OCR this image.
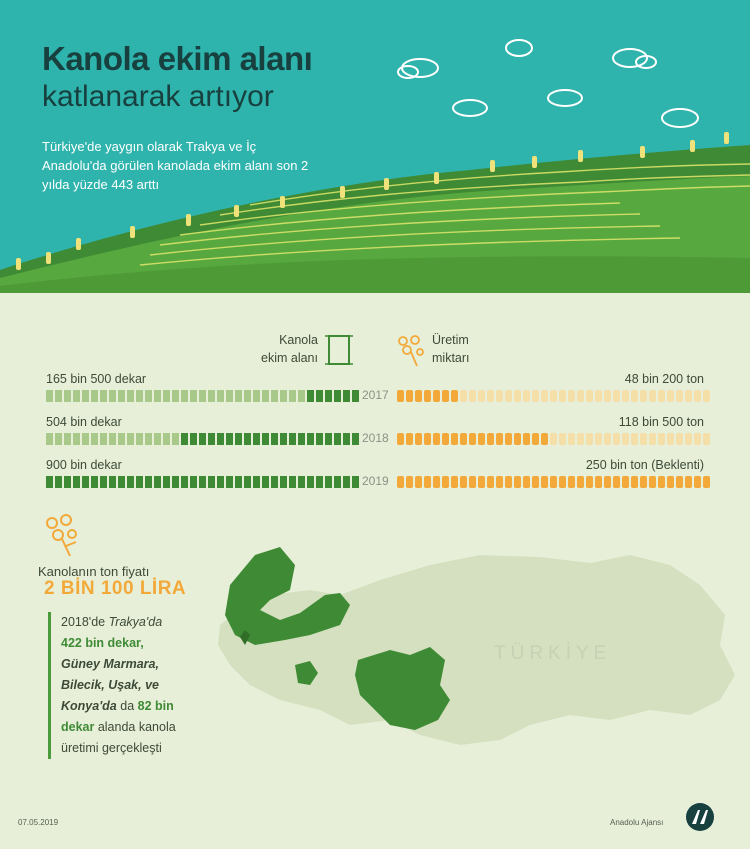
Kanola ekim alanı
katlanarak artıyor
Türkiye'de yaygın olarak Trakya ve İç Anadolu'da görülen kanolada ekim alanı son 2 yılda yüzde 443 arttı
Kanola
ekim alanı
Üretim
miktarı
165 bin 500 dekar	48 bin 200 ton
2017
504 bin dekar	118 bin 500 ton
2018
900 bin dekar	250 bin ton (Beklenti)
2019
Kanolanın ton fiyatı
2 BİN 100 LİRA
2018'de Trakya'da
422 bin dekar,
Güney Marmara, Bilecik, Uşak, ve Konya'da da 82 bin dekar alanda kanola üretimi gerçekleşti
TÜRKİYE
07.05.2019	Anadolu Ajansı
